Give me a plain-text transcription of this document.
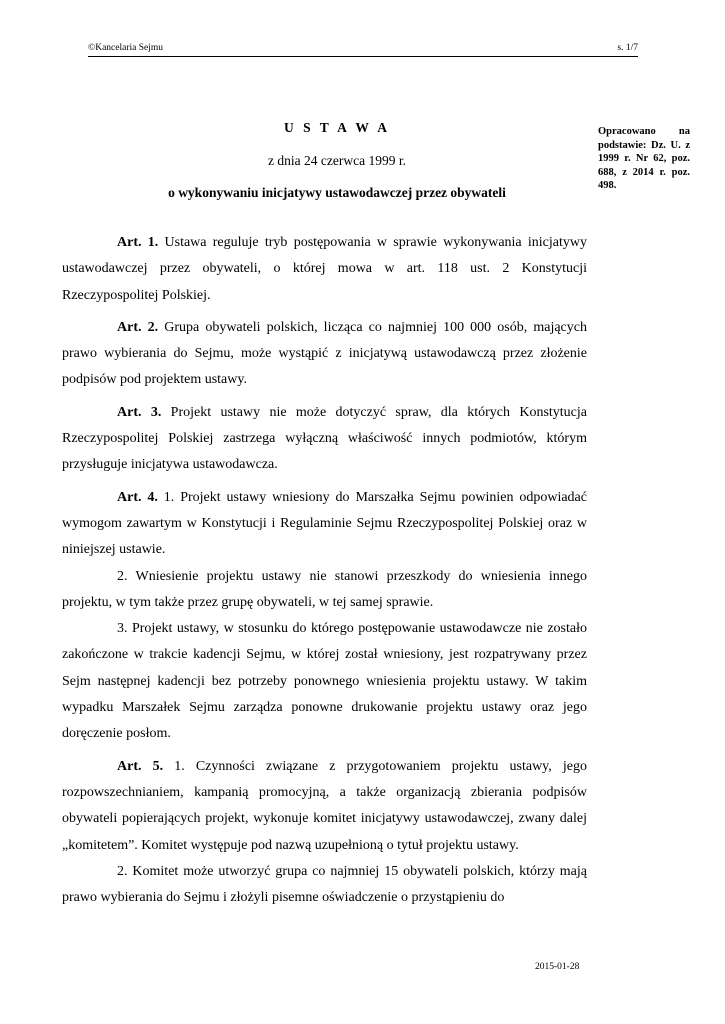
©Kancelaria Sejmu	s. 1/7
U S T A W A
z dnia 24 czerwca 1999 r.
o wykonywaniu inicjatywy ustawodawczej przez obywateli
Opracowano na podstawie: Dz. U. z 1999 r. Nr 62, poz. 688, z 2014 r. poz. 498.

Art. 1. Ustawa reguluje tryb postępowania w sprawie wykonywania inicjatywy ustawodawczej przez obywateli, o której mowa w art. 118 ust. 2 Konstytucji Rzeczypospolitej Polskiej.

Art. 2. Grupa obywateli polskich, licząca co najmniej 100 000 osób, mających prawo wybierania do Sejmu, może wystąpić z inicjatywą ustawodawczą przez złożenie podpisów pod projektem ustawy.

Art. 3. Projekt ustawy nie może dotyczyć spraw, dla których Konstytucja Rzeczypospolitej Polskiej zastrzega wyłączną właściwość innych podmiotów, którym przysługuje inicjatywa ustawodawcza.

Art. 4. 1. Projekt ustawy wniesiony do Marszałka Sejmu powinien odpowiadać wymogom zawartym w Konstytucji i Regulaminie Sejmu Rzeczypospolitej Polskiej oraz w niniejszej ustawie.

2. Wniesienie projektu ustawy nie stanowi przeszkody do wniesienia innego projektu, w tym także przez grupę obywateli, w tej samej sprawie.

3. Projekt ustawy, w stosunku do którego postępowanie ustawodawcze nie zostało zakończone w trakcie kadencji Sejmu, w której został wniesiony, jest rozpatrywany przez Sejm następnej kadencji bez potrzeby ponownego wniesienia projektu ustawy. W takim wypadku Marszałek Sejmu zarządza ponowne drukowanie projektu ustawy oraz jego doręczenie posłom.

Art. 5. 1. Czynności związane z przygotowaniem projektu ustawy, jego rozpowszechnianiem, kampanią promocyjną, a także organizacją zbierania podpisów obywateli popierających projekt, wykonuje komitet inicjatywy ustawodawczej, zwany dalej „komitetem”. Komitet występuje pod nazwą uzupełnioną o tytuł projektu ustawy.

2. Komitet może utworzyć grupa co najmniej 15 obywateli polskich, którzy mają prawo wybierania do Sejmu i złożyli pisemne oświadczenie o przystąpieniu do

2015-01-28
